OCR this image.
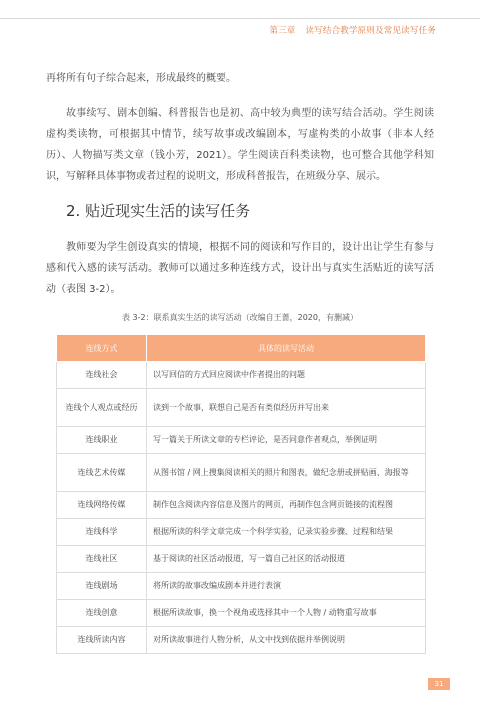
第三章 读写结合教学原则及常见读写任务

再将所有句子综合起来，形成最终的概要。

故事续写、剧本创编、科普报告也是初、高中较为典型的读写结合活动。学生阅读虚构类读物，可根据其中情节，续写故事或改编剧本，写虚构类的小故事（非本人经历）、人物描写类文章（钱小芳，2021）。学生阅读百科类读物，也可整合其他学科知识，写解释具体事物或者过程的说明文，形成科普报告，在班级分享、展示。

2. 贴近现实生活的读写任务

教师要为学生创设真实的情境，根据不同的阅读和写作目的，设计出让学生有参与感和代入感的读写活动。教师可以通过多种连线方式，设计出与真实生活贴近的读写活动（表图 3-2）。

表 3-2：联系真实生活的读写活动（改编自王蔷，2020，有删减）
连线方式	具体的读写活动
连线社会	以写回信的方式回应阅读中作者提出的问题
连线个人观点或经历	读到一个故事，联想自己是否有类似经历并写出来
连线职业	写一篇关于所读文章的专栏评论，是否同意作者观点，举例证明
连线艺术传媒	从图书馆 / 网上搜集阅读相关的照片和图表，做纪念册或拼贴画、海报等
连线网络传媒	制作包含阅读内容信息及图片的网页，再制作包含网页链接的流程图
连线科学	根据所读的科学文章完成一个科学实验，记录实验步骤、过程和结果
连线社区	基于阅读的社区活动报道，写一篇自己社区的活动报道
连线剧场	将所读的故事改编成剧本并进行表演
连线创意	根据所读故事，换一个视角或选择其中一个人物 / 动物重写故事
连线所读内容	对所读故事进行人物分析，从文中找到依据并举例说明
31
